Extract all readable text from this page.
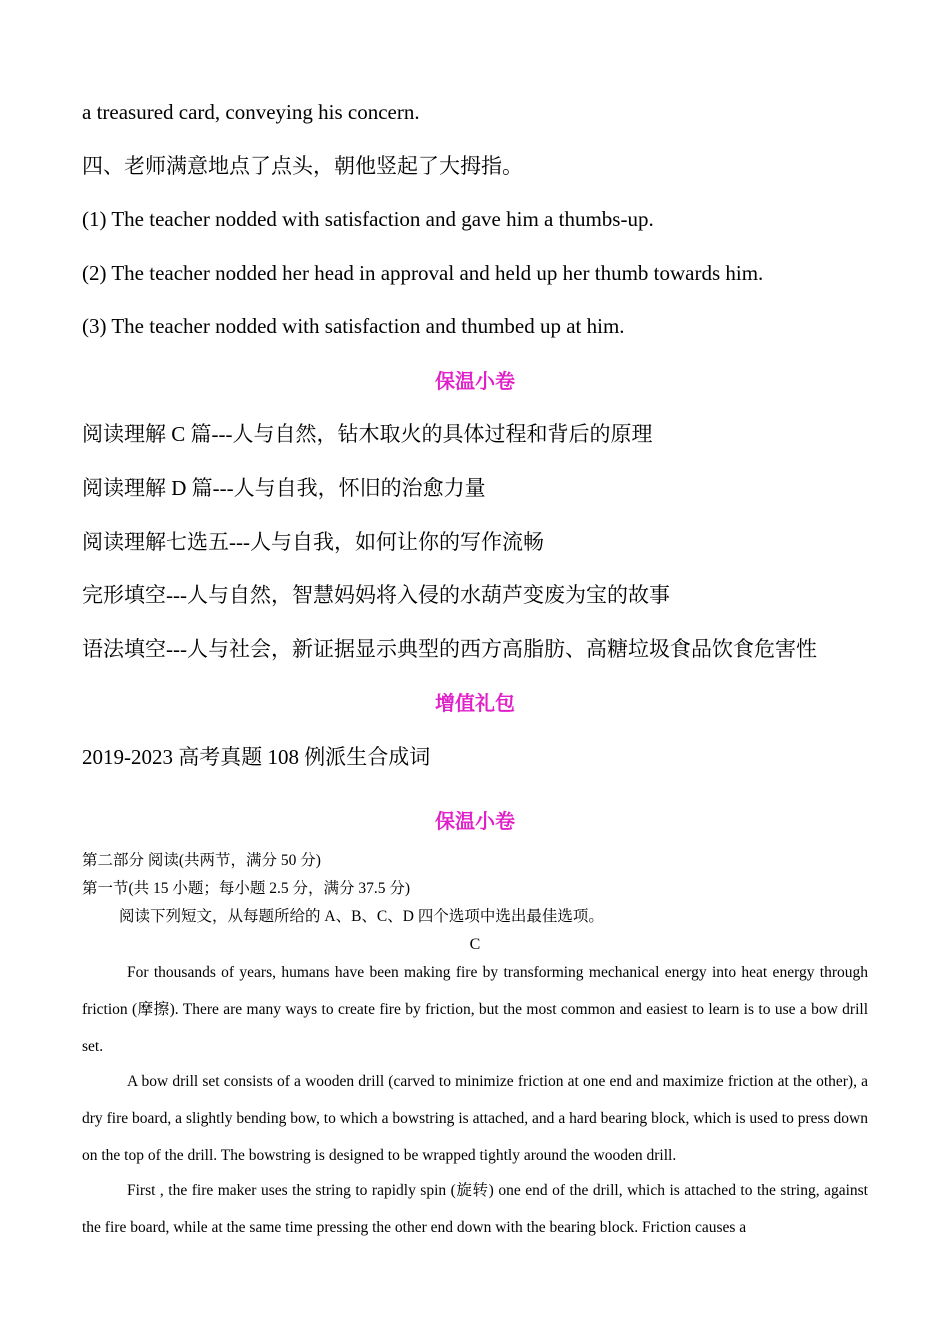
a treasured card, conveying his concern.
四、老师满意地点了点头，朝他竖起了大拇指。
(1) The teacher nodded with satisfaction and gave him a thumbs-up.
(2) The teacher nodded her head in approval and held up her thumb towards him.
(3) The teacher nodded with satisfaction and thumbed up at him.
保温小卷
阅读理解 C 篇---人与自然，钻木取火的具体过程和背后的原理
阅读理解 D 篇---人与自我，怀旧的治愈力量
阅读理解七选五---人与自我，如何让你的写作流畅
完形填空---人与自然，智慧妈妈将入侵的水葫芦变废为宝的故事
语法填空---人与社会，新证据显示典型的西方高脂肪、高糖垃圾食品饮食危害性
增值礼包
2019-2023 高考真题 108 例派生合成词
保温小卷
第二部分 阅读(共两节，满分 50 分)
第一节(共 15 小题；每小题 2.5 分，满分 37.5 分)
阅读下列短文，从每题所给的 A、B、C、D 四个选项中选出最佳选项。
C
For thousands of years, humans have been making fire by transforming mechanical energy into heat energy through friction (摩擦). There are many ways to create fire by friction, but the most common and easiest to learn is to use a bow drill set.
A bow drill set consists of a wooden drill (carved to minimize friction at one end and maximize friction at the other), a dry fire board, a slightly bending bow, to which a bowstring is attached, and a hard bearing block, which is used to press down on the top of the drill. The bowstring is designed to be wrapped tightly around the wooden drill.
First , the fire maker uses the string to rapidly spin (旋转) one end of the drill, which is attached to the string, against the fire board, while at the same time pressing the other end down with the bearing block. Friction causes a
